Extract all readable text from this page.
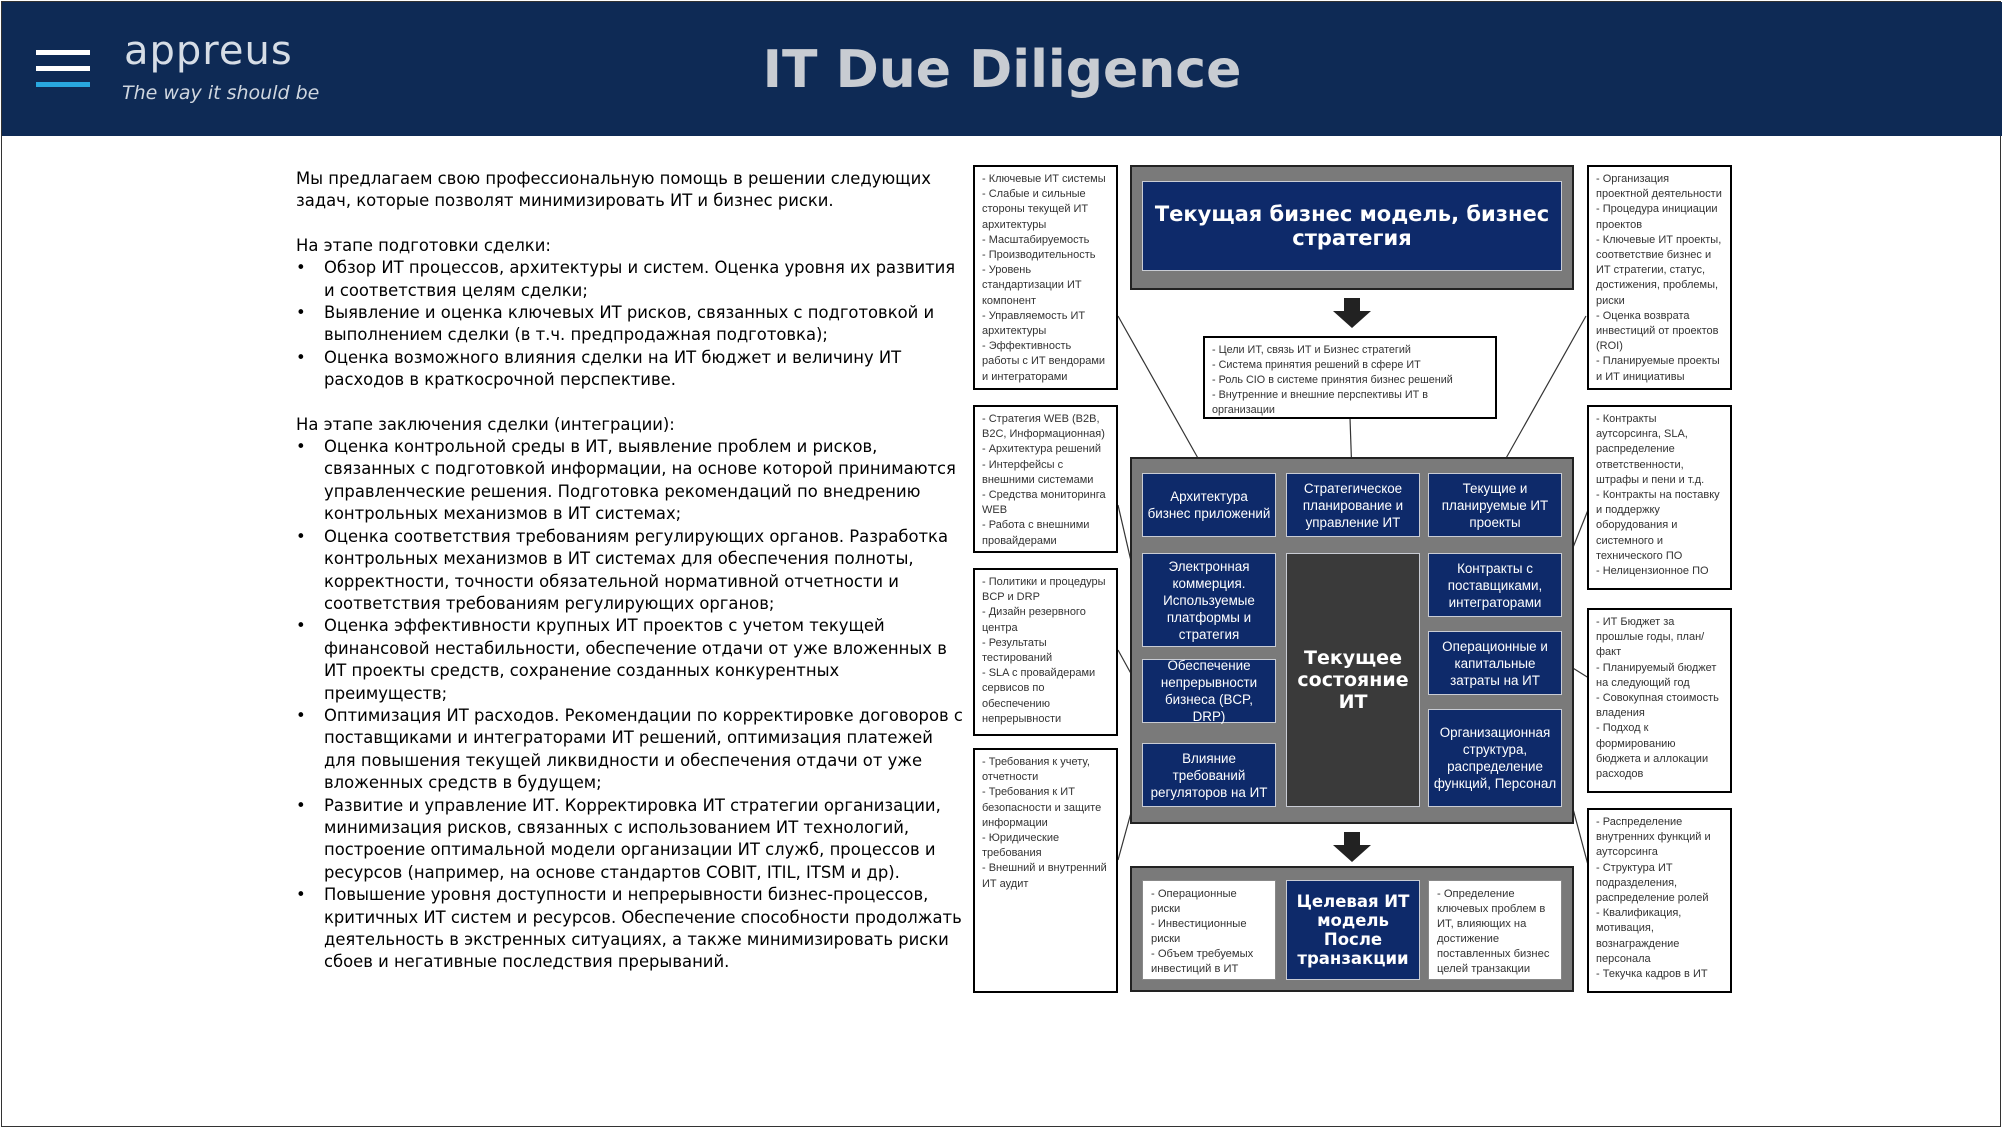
appreus
The way it should be	IT Due Diligence

Мы предлагаем свою профессиональную помощь в решении следующих задач, которые позволят минимизировать ИТ и бизнес риски.

На этапе подготовки сделки:

• Обзор ИТ процессов, архитектуры и систем. Оценка уровня их развития и соответствия целям сделки;
• Выявление и оценка ключевых ИТ рисков, связанных с подготовкой и выполнением сделки (в т.ч. предпродажная подготовка);
• Оценка возможного влияния сделки на ИТ бюджет и величину ИТ расходов в краткосрочной перспективе.

На этапе заключения сделки (интеграции):

• Оценка контрольной среды в ИТ, выявление проблем и рисков, связанных с подготовкой информации, на основе которой принимаются управленческие решения. Подготовка рекомендаций по внедрению контрольных механизмов в ИТ системах;
• Оценка соответствия требованиям регулирующих органов. Разработка контрольных механизмов в ИТ системах для обеспечения полноты, корректности, точности обязательной нормативной отчетности и соответствия требованиям регулирующих органов;
• Оценка эффективности крупных ИТ проектов с учетом текущей финансовой нестабильности, обеспечение отдачи от уже вложенных в ИТ проекты средств, сохранение созданных конкурентных преимуществ;
• Оптимизация ИТ расходов. Рекомендации по корректировке договоров с поставщиками и интеграторами ИТ решений, оптимизация платежей для повышения текущей ликвидности и обеспечения отдачи от уже вложенных средств в будущем;
• Развитие и управление ИТ. Корректировка ИТ стратегии организации, минимизация рисков, связанных с использованием ИТ технологий, построение оптимальной модели организации ИТ служб, процессов и ресурсов (например, на основе стандартов COBIT, ITIL, ITSM и др).
• Повышение уровня доступности и непрерывности бизнес-процессов, критичных ИТ систем и ресурсов. Обеспечение способности продолжать деятельность в экстренных ситуациях, а также минимизировать риски сбоев и негативные последствия прерываний.
- Ключевые ИТ системы
- Слабые и сильные стороны текущей ИТ архитектуры
- Масштабируемость
- Производительность
- Уровень стандартизации ИТ компонент
- Управляемость ИТ архитектуры
- Эффективность работы с ИТ вендорами и интеграторами
- Стратегия WEB (B2B, B2C, Информационная)
- Архитектура решений
- Интерфейсы с внешними системами
- Средства мониторинга WEB
- Работа с внешними провайдерами
- Политики и процедуры BCP и DRP
- Дизайн резервного центра
- Результаты тестирований
- SLA с провайдерами сервисов по обеспечению непрерывности
- Требования к учету, отчетности
- Требования к ИТ безопасности и защите информации
- Юридические требования
- Внешний и внутренний ИТ аудит
- Организация проектной деятельности
- Процедура инициации проектов
- Ключевые ИТ проекты, соответствие бизнес и ИТ стратегии, статус, достижения, проблемы, риски
- Оценка возврата инвестиций от проектов (ROI)
- Планируемые проекты и ИТ инициативы
- Контракты аутсорсинга, SLA, распределение ответственности, штрафы и пени и т.д.
- Контракты на поставку и поддержку оборудования и системного и технического ПО
- Нелицензионное ПО
- ИТ Бюджет за прошлые годы, план/факт
- Планируемый бюджет на следующий год
- Совокупная стоимость владения
- Подход к формированию бюджета и аллокации расходов
- Распределение внутренних функций и аутсорсинга
- Структура ИТ подразделения, распределение ролей
- Квалификация, мотивация, вознаграждение персонала
- Текучка кадров в ИТ
Текущая бизнес модель, бизнес стратегия
- Цели ИТ, связь ИТ и Бизнес стратегий
- Система принятия решений в сфере ИТ
- Роль CIO в системе принятия бизнес решений
- Внутренние и внешние перспективы ИТ в организации
Архитектура бизнес приложений
Стратегическое планирование и управление ИТ
Текущие и планируемые ИТ проекты
Электронная коммерция. Используемые платформы и стратегия
Текущее состояние ИТ
Контракты с поставщиками, интеграторами
Обеспечение непрерывности бизнеса (BCP, DRP)
Операционные и капитальные затраты на ИТ
Влияние требований регуляторов на ИТ
Организационная структура, распределение функций, Персонал
- Операционные риски
- Инвестиционные риски
- Объем требуемых инвестиций в ИТ
Целевая ИТ модель После транзакции
- Определение ключевых проблем в ИТ, влияющих на достижение поставленных бизнес целей транзакции
